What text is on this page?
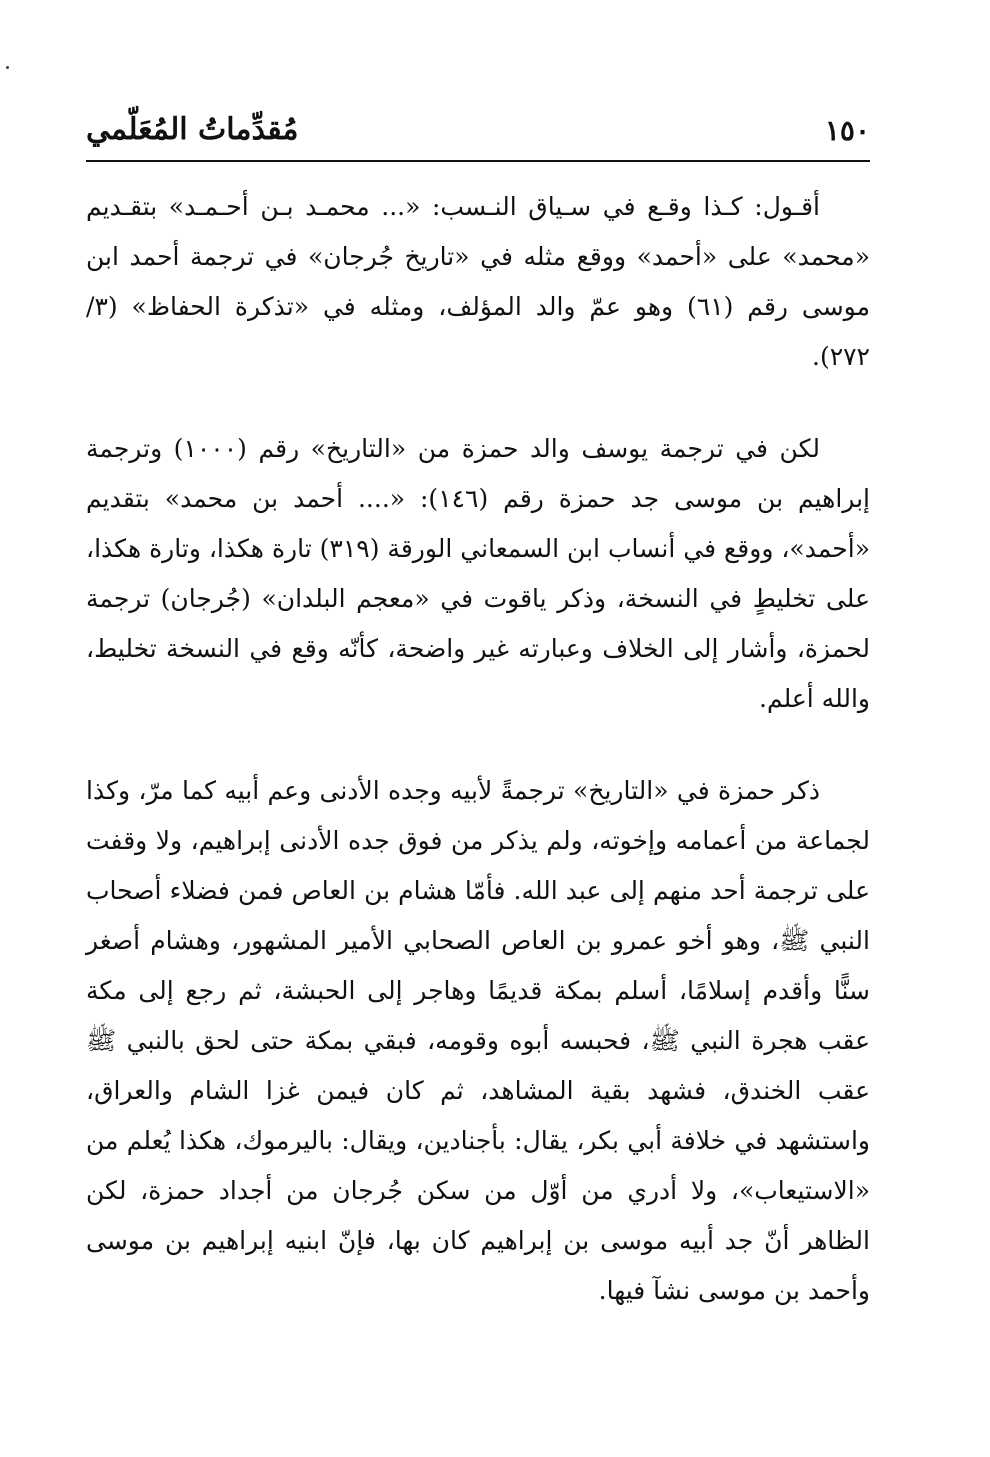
١٥٠
مُقدِّماتُ المُعَلّمي

أقـول: كـذا وقـع في سـياق النـسب: «... محمـد بـن أحـمـد» بتقـديم «محمد» على «أحمد» ووقع مثله في «تاريخ جُرجان» في ترجمة أحمد ابن موسى رقم (٦١) وهو عمّ والد المؤلف، ومثله في «تذكرة الحفاظ» (٣/ ٢٧٢).

لكن في ترجمة يوسف والد حمزة من «التاريخ» رقم (١٠٠٠) وترجمة إبراهيم بن موسى جد حمزة رقم (١٤٦): «.... أحمد بن محمد» بتقديم «أحمد»، ووقع في أنساب ابن السمعاني الورقة (٣١٩) تارة هكذا، وتارة هكذا، على تخليطٍ في النسخة، وذكر ياقوت في «معجم البلدان» (جُرجان) ترجمة لحمزة، وأشار إلى الخلاف وعبارته غير واضحة، كأنّه وقع في النسخة تخليط، والله أعلم.

ذكر حمزة في «التاريخ» ترجمةً لأبيه وجده الأدنى وعم أبيه كما مرّ، وكذا لجماعة من أعمامه وإخوته، ولم يذكر من فوق جده الأدنى إبراهيم، ولا وقفت على ترجمة أحد منهم إلى عبد الله. فأمّا هشام بن العاص فمن فضلاء أصحاب النبي ﷺ، وهو أخو عمرو بن العاص الصحابي الأمير المشهور، وهشام أصغر سنًّا وأقدم إسلامًا، أسلم بمكة قديمًا وهاجر إلى الحبشة، ثم رجع إلى مكة عقب هجرة النبي ﷺ، فحبسه أبوه وقومه، فبقي بمكة حتى لحق بالنبي ﷺ عقب الخندق، فشهد بقية المشاهد، ثم كان فيمن غزا الشام والعراق، واستشهد في خلافة أبي بكر، يقال: بأجنادين، ويقال: باليرموك، هكذا يُعلم من «الاستيعاب»، ولا أدري من أوّل من سكن جُرجان من أجداد حمزة، لكن الظاهر أنّ جد أبيه موسى بن إبراهيم كان بها، فإنّ ابنيه إبراهيم بن موسى وأحمد بن موسى نشآ فيها.
